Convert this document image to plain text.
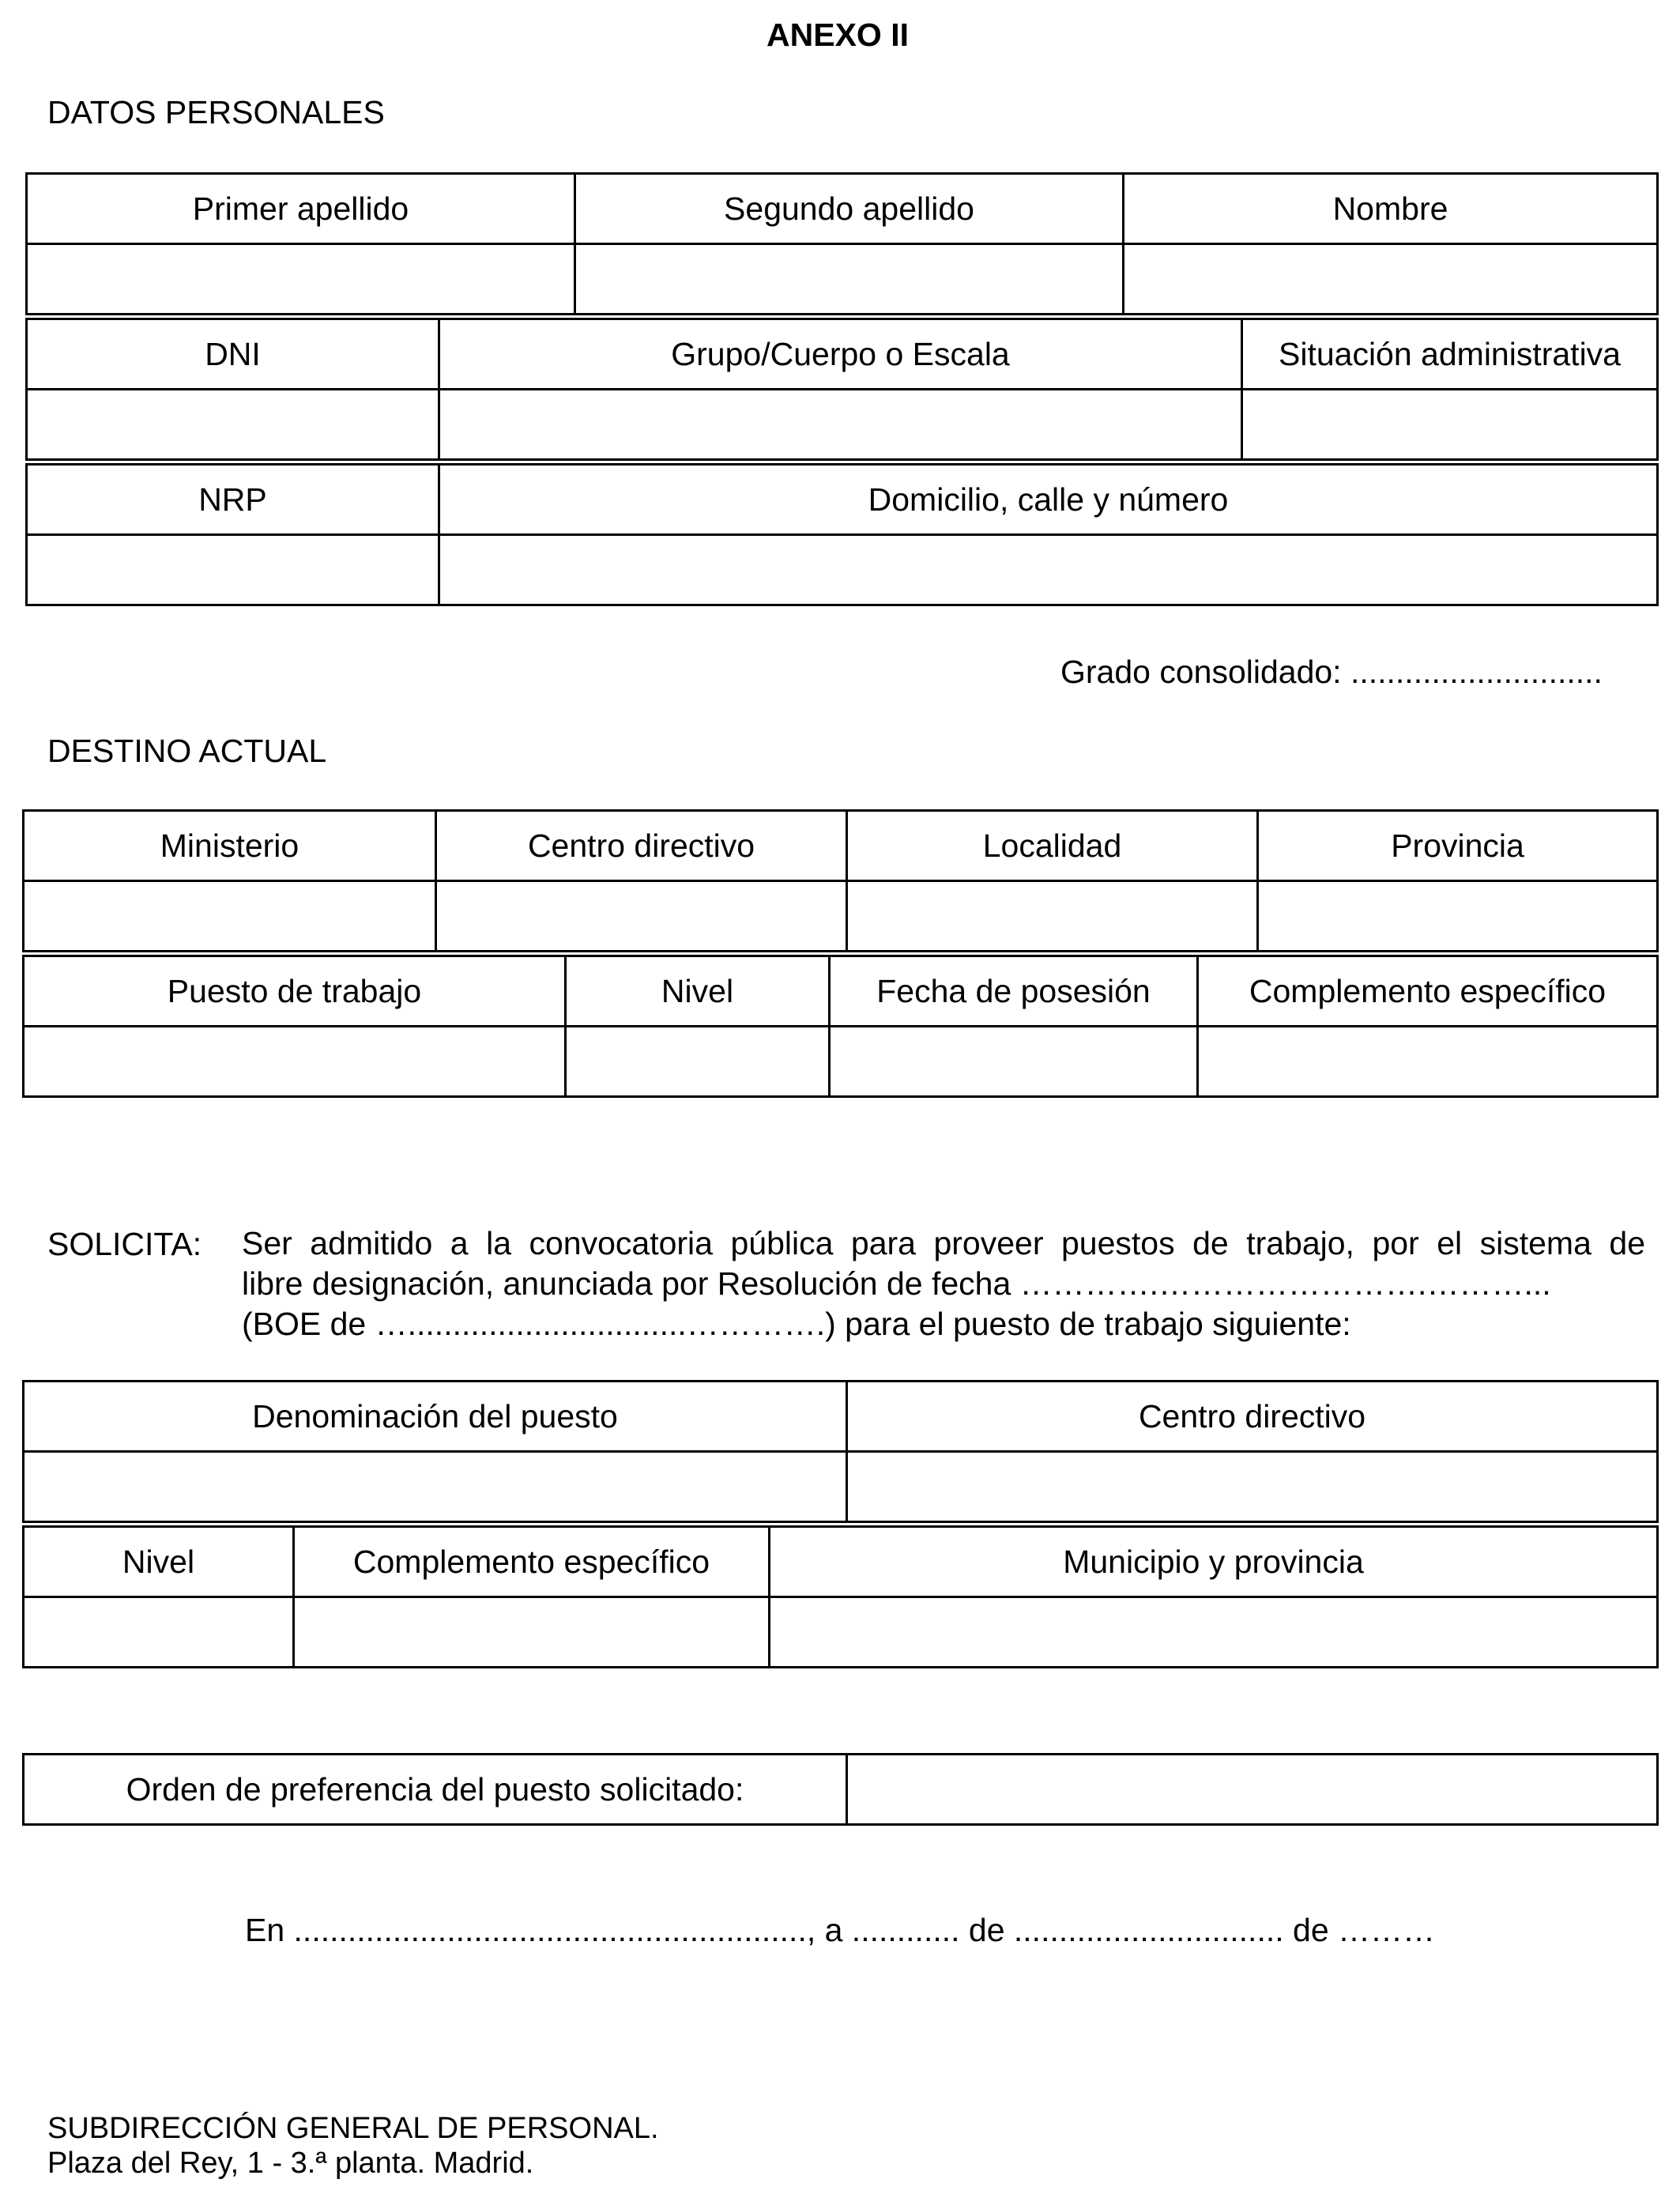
ANEXO II
DATOS PERSONALES
Primer apellido	Segundo apellido	Nombre

DNI	Grupo/Cuerpo o Escala	Situación administrativa

NRP	Domicilio, calle y número

Grado consolidado: ............................
DESTINO ACTUAL
Ministerio	Centro directivo	Localidad	Provincia

Puesto de trabajo	Nivel	Fecha de posesión	Complemento específico

SOLICITA: Ser admitido a la convocatoria pública para proveer puestos de trabajo, por el sistema de
libre designación, anunciada por Resolución de fecha ………….…………………….………...
(BOE de …...............................………….) para el puesto de trabajo siguiente:
Denominación del puesto	Centro directivo

Nivel	Complemento específico	Municipio y provincia

Orden de preferencia del puesto solicitado:	
En ........................................................., a ............ de .............................. de ………
SUBDIRECCIÓN GENERAL DE PERSONAL.
Plaza del Rey, 1 - 3.ª planta. Madrid.
